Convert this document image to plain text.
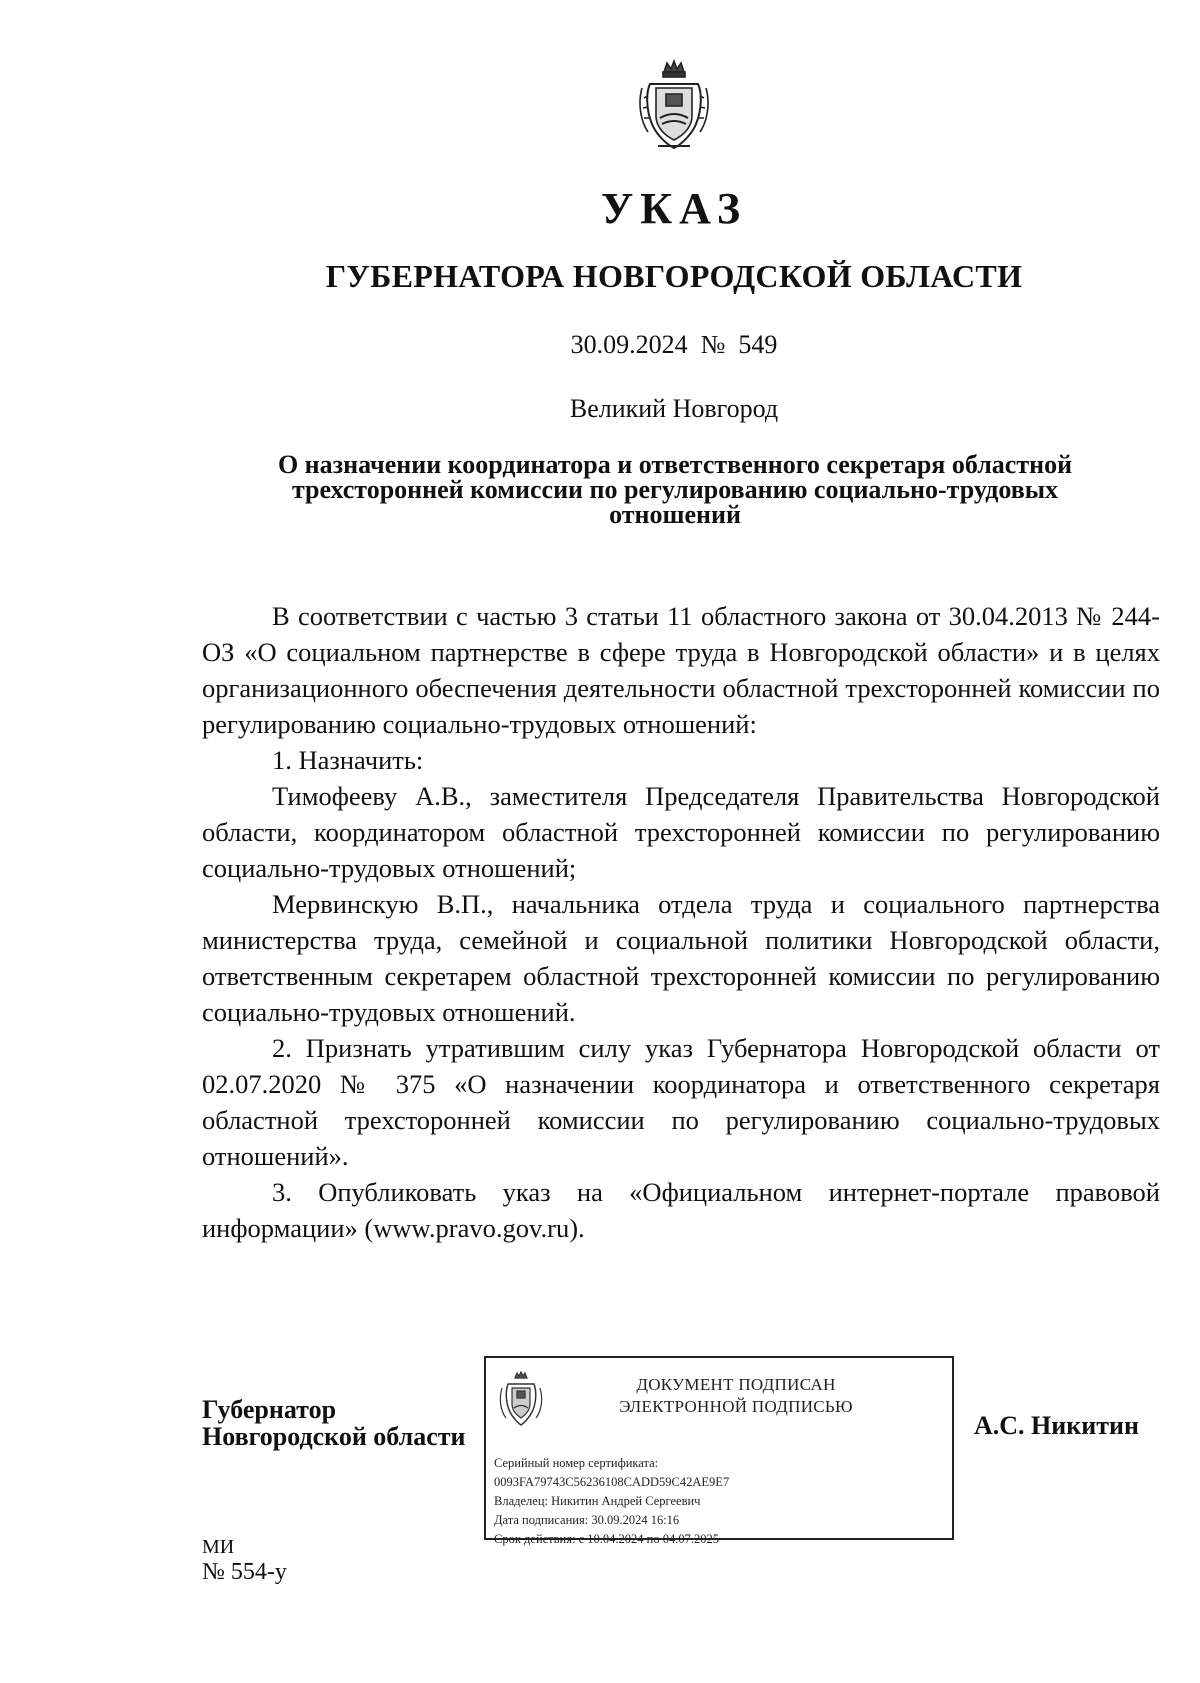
УКАЗ
ГУБЕРНАТОРА НОВГОРОДСКОЙ ОБЛАСТИ
30.09.2024  №  549
Великий Новгород
О назначении координатора и ответственного секретаря областной
трехсторонней комиссии по регулированию социально-трудовых
отношений

В соответствии с частью 3 статьи 11 областного закона от 30.04.2013 № 244-ОЗ «О социальном партнерстве в сфере труда в Новгородской области» и в целях организационного обеспечения деятельности областной трехсторонней комиссии по регулированию социально-трудовых отношений:

1. Назначить:

Тимофееву А.В., заместителя Председателя Правительства Новгородской области, координатором областной трехсторонней комиссии по регулированию социально-трудовых отношений;

Мервинскую В.П., начальника отдела труда и социального партнерства министерства труда, семейной и социальной политики Новгородской области, ответственным секретарем областной трехсторонней комиссии по регулированию социально-трудовых отношений.

2. Признать утратившим силу указ Губернатора Новгородской области от 02.07.2020 № 375 «О назначении координатора и ответственного секретаря областной трехсторонней комиссии по регулированию социально-трудовых отношений».

3. Опубликовать указ на «Официальном интернет-портале правовой информации» (www.pravo.gov.ru).

Губернатор
Новгородской области
ДОКУМЕНТ ПОДПИСАН
ЭЛЕКТРОННОЙ ПОДПИСЬЮ
Серийный номер сертификата:
0093FA79743C56236108CADD59C42AE9E7
Владелец: Никитин Андрей Сергеевич
Дата подписания: 30.09.2024 16:16
Срок действия: с 10.04.2024 по 04.07.2025
А.С. Никитин
МИ
№ 554-у
